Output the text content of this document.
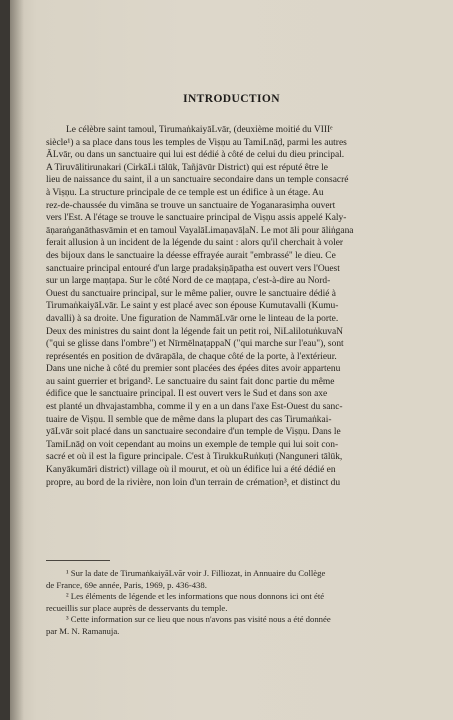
INTRODUCTION
Le célèbre saint tamoul, TirumaṅkaiyāLvār, (deuxième moitié du VIIIᵉ
siècle¹) a sa place dans tous les temples de Viṣṇu au TamiLnāḍ, parmi les autres
ĀLvār, ou dans un sanctuaire qui lui est dédié à côté de celui du dieu principal.
A Tiruvālitirunakari (CirkāLi tālūk, Tañjāvūr District) qui est réputé être le
lieu de naissance du saint, il a un sanctuaire secondaire dans un temple consacré
à Viṣṇu. La structure principale de ce temple est un édifice à un étage. Au
rez-de-chaussée du vimāna se trouve un sanctuaire de Yoganarasiṃha ouvert
vers l'Est. A l'étage se trouve le sanctuaire principal de Viṣṇu assis appelé Kaly-
āṇaraṅganāthasvāmin et en tamoul VayalāLimaṇavāḷaN. Le mot āli pour āliṅgana
ferait allusion à un incident de la légende du saint : alors qu'il cherchait à voler
des bijoux dans le sanctuaire la déesse effrayée aurait "embrassé" le dieu. Ce
sanctuaire principal entouré d'un large pradakṣiṇāpatha est ouvert vers l'Ouest
sur un large maṇṭapa. Sur le côté Nord de ce maṇṭapa, c'est-à-dire au Nord-
Ouest du sanctuaire principal, sur le même palier, ouvre le sanctuaire dédié à
TirumaṅkaiyāLvār. Le saint y est placé avec son épouse Kumutavalli (Kumu-
davalli) à sa droite. Une figuration de NammāLvār orne le linteau de la porte.
Deux des ministres du saint dont la légende fait un petit roi, NiLalilotuṅkuvaN
("qui se glisse dans l'ombre") et NīrmēlnaṭappaN ("qui marche sur l'eau"), sont
représentés en position de dvārapāla, de chaque côté de la porte, à l'extérieur.
Dans une niche à côté du premier sont placées des épées dites avoir appartenu
au saint guerrier et brigand². Le sanctuaire du saint fait donc partie du même
édifice que le sanctuaire principal. Il est ouvert vers le Sud et dans son axe
est planté un dhvajastambha, comme il y en a un dans l'axe Est-Ouest du sanc-
tuaire de Viṣṇu. Il semble que de même dans la plupart des cas Tirumaṅkai-
yāLvār soit placé dans un sanctuaire secondaire d'un temple de Viṣṇu. Dans le
TamiLnāḍ on voit cependant au moins un exemple de temple qui lui soit con-
sacré et où il est la figure principale. C'est à TirukkuRuṅkuṭi (Nanguneri tālūk,
Kanyākumāri district) village où il mourut, et où un édifice lui a été dédié en
propre, au bord de la rivière, non loin d'un terrain de crémation³, et distinct du
¹ Sur la date de TirumaṅkaiyāLvār voir J. Filliozat, in Annuaire du Collège
de France, 69e année, Paris, 1969, p. 436-438.
² Les éléments de légende et les informations que nous donnons ici ont été
recueillis sur place auprès de desservants du temple.
³ Cette information sur ce lieu que nous n'avons pas visité nous a été donnée
par M. N. Ramanuja.
